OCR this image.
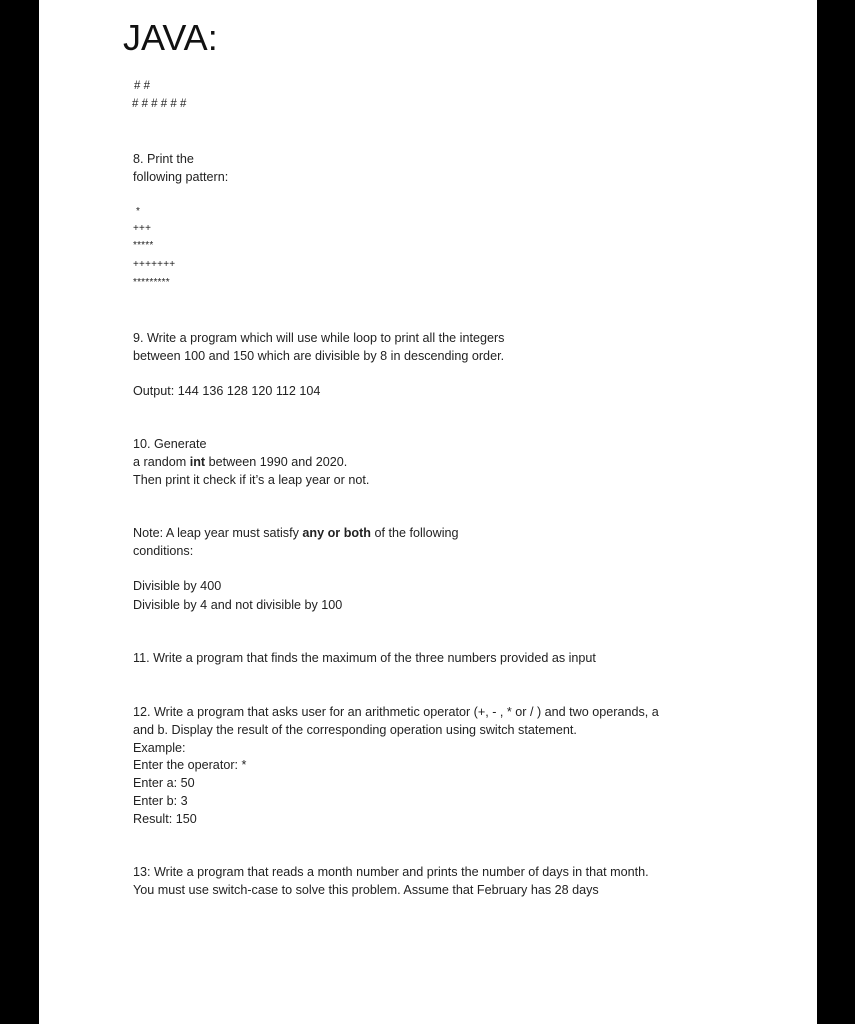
JAVA:
# #
# # # # # #
8. Print the
following pattern:
*
+++
*****
+++++++
*********
9. Write a program which will use while loop to print all the integers
between 100 and 150 which are divisible by 8 in descending order.
Output: 144 136 128 120 112 104
10. Generate
a random int between 1990 and 2020.
Then print it check if it’s a leap year or not.
Note: A leap year must satisfy any or both of the following
conditions:
Divisible by 400
Divisible by 4 and not divisible by 100
11. Write a program that finds the maximum of the three numbers provided as input
12. Write a program that asks user for an arithmetic operator (+, - , * or / ) and two operands, a
and b. Display the result of the corresponding operation using switch statement.
Example:
Enter the operator: *
Enter a: 50
Enter b: 3
Result: 150
13: Write a program that reads a month number and prints the number of days in that month.
You must use switch-case to solve this problem. Assume that February has 28 days
